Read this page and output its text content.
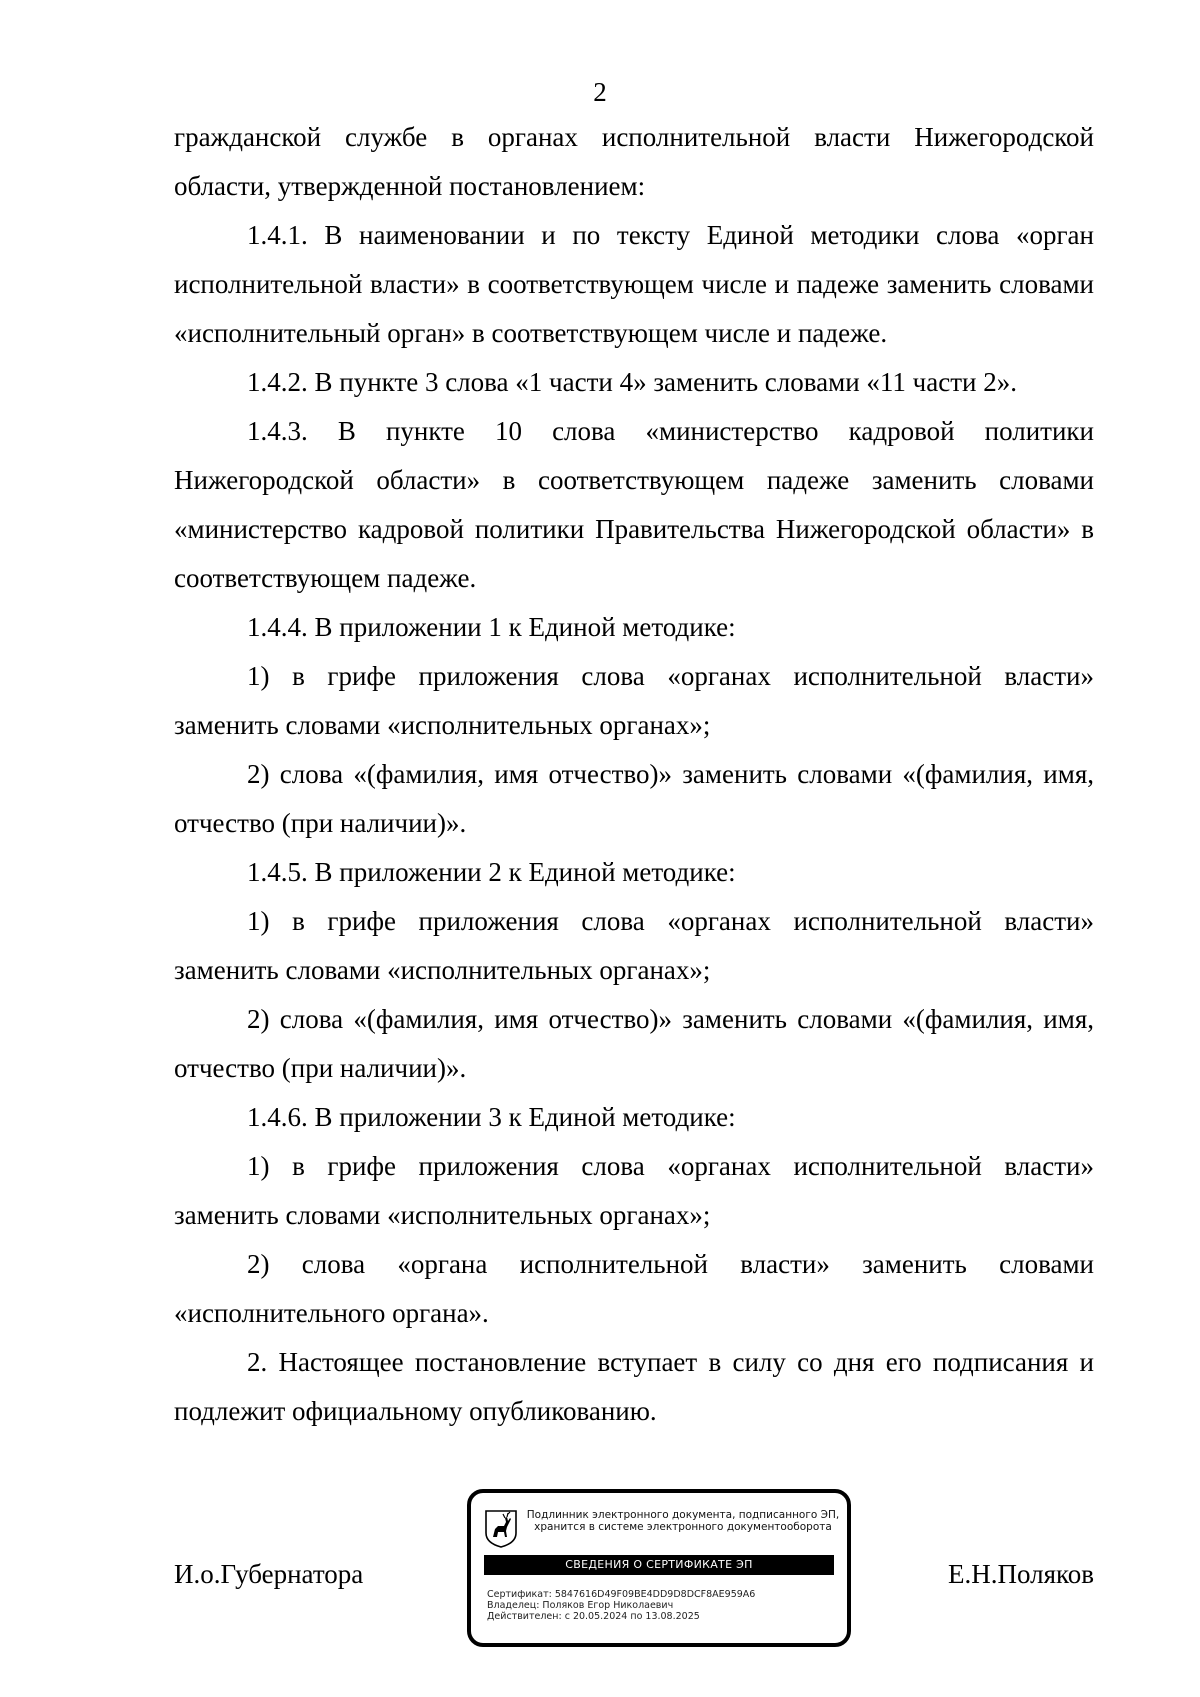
2

гражданской службе в органах исполнительной власти Нижегородской области, утвержденной постановлением:

1.4.1. В наименовании и по тексту Единой методики слова «орган исполнительной власти» в соответствующем числе и падеже заменить словами «исполнительный орган» в соответствующем числе и падеже.

1.4.2. В пункте 3 слова «1 части 4» заменить словами «11 части 2».

1.4.3. В пункте 10 слова «министерство кадровой политики Нижегородской области» в соответствующем падеже заменить словами «министерство кадровой политики Правительства Нижегородской области» в соответствующем падеже.

1.4.4. В приложении 1 к Единой методике:

1) в грифе приложения слова «органах исполнительной власти» заменить словами «исполнительных органах»;

2) слова «(фамилия, имя отчество)» заменить словами «(фамилия, имя, отчество (при наличии)».

1.4.5. В приложении 2 к Единой методике:

1) в грифе приложения слова «органах исполнительной власти» заменить словами «исполнительных органах»;

2) слова «(фамилия, имя отчество)» заменить словами «(фамилия, имя, отчество (при наличии)».

1.4.6. В приложении 3 к Единой методике:

1) в грифе приложения слова «органах исполнительной власти» заменить словами «исполнительных органах»;

2) слова «органа исполнительной власти» заменить словами «исполнительного органа».

2. Настоящее постановление вступает в силу со дня его подписания и подлежит официальному опубликованию.

И.о.Губернатора	Е.Н.Поляков
Подлинник электронного документа, подписанного ЭП,
хранится в системе электронного документооборота
СВЕДЕНИЯ О СЕРТИФИКАТЕ ЭП
Сертификат: 5847616D49F09BE4DD9D8DCF8AE959A6
Владелец: Поляков Егор Николаевич
Действителен: с 20.05.2024 по 13.08.2025
